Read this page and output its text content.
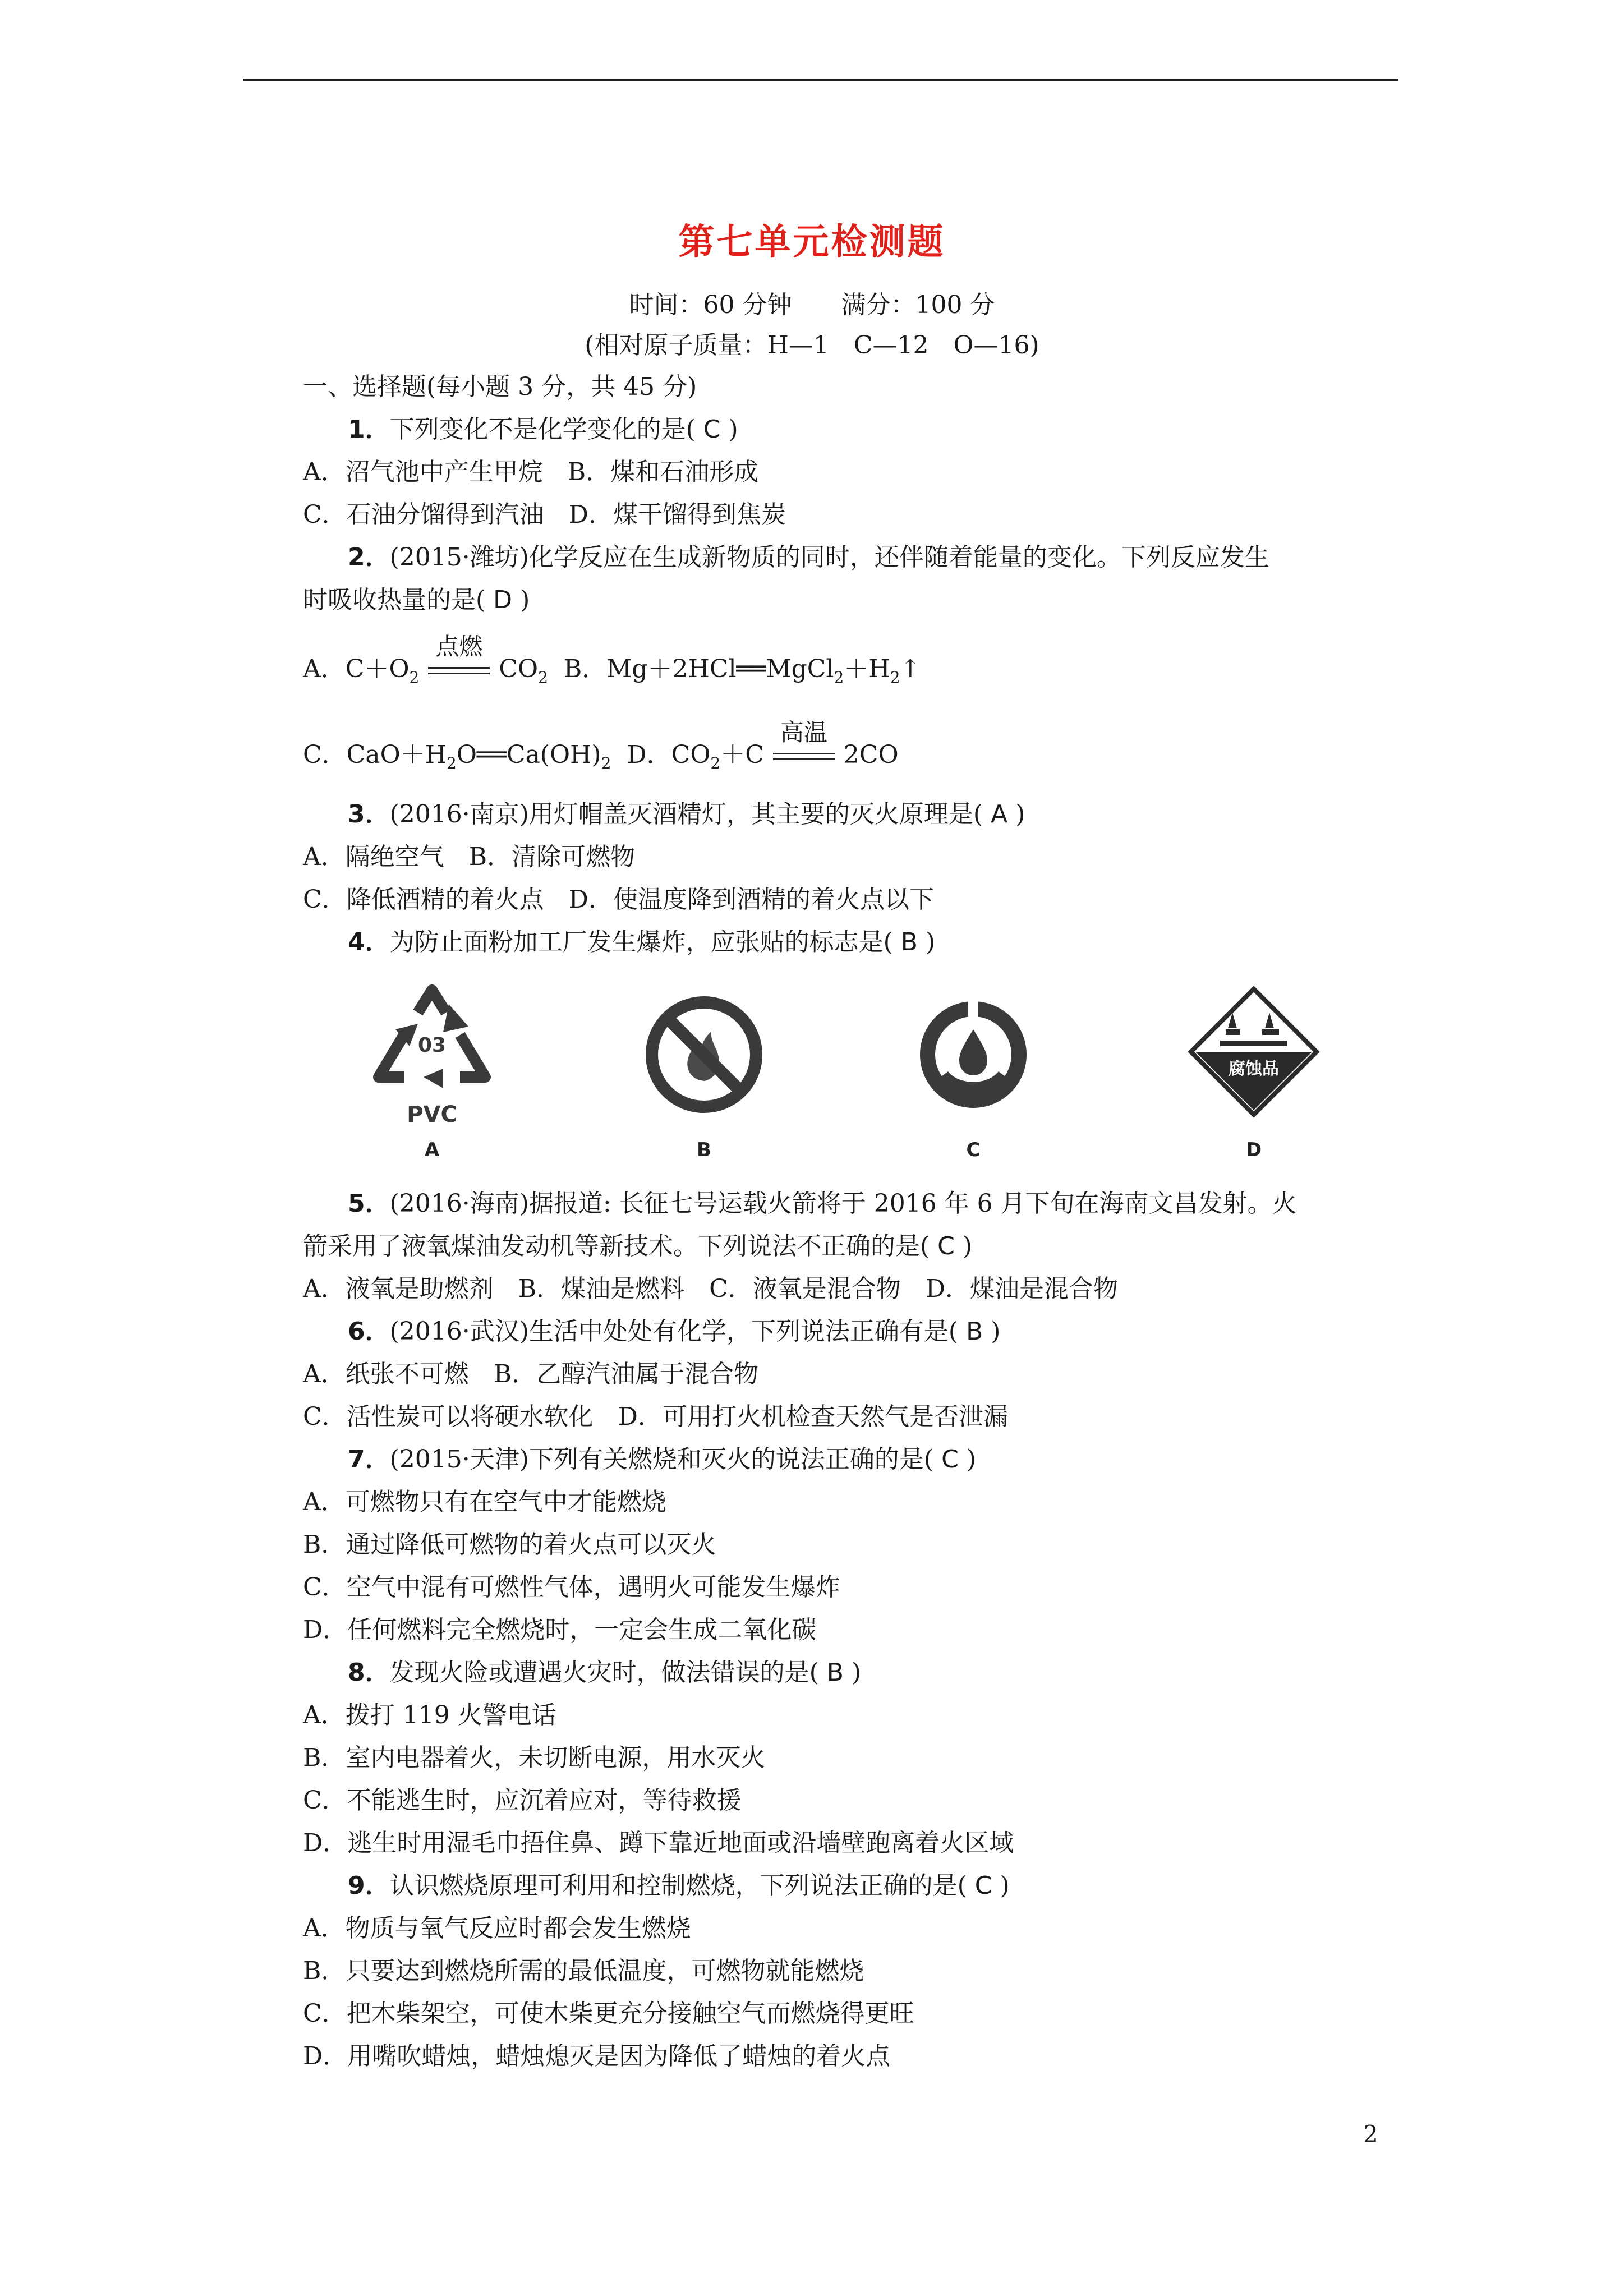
第七单元检测题
时间：60 分钟　　满分：100 分
(相对原子质量：H—1　C—12　O—16)
一、选择题(每小题 3 分，共 45 分)
1．下列变化不是化学变化的是( C )
A．沼气池中产生甲烷　B．煤和石油形成
C．石油分馏得到汽油　D．煤干馏得到焦炭
2．(2015·潍坊)化学反应在生成新物质的同时，还伴随着能量的变化。下列反应发生
时吸收热量的是( D )
A．$C+O_2$
点燃
$CO_2$ B．$Mg+2HCl══MgCl_2+H_2↑$
C．$CaO+H_2O══Ca(OH)_2$ D．$CO_2+C$
高温
2CO
3．(2016·南京)用灯帽盖灭酒精灯，其主要的灭火原理是( A )
A．隔绝空气　B．清除可燃物
C．降低酒精的着火点　D．使温度降到酒精的着火点以下
4．为防止面粉加工厂发生爆炸，应张贴的标志是( B )
03
PVC
A	B	C
腐蚀品
D
5．(2016·海南)据报道: 长征七号运载火箭将于 2016 年 6 月下旬在海南文昌发射。火
箭采用了液氧煤油发动机等新技术。下列说法不正确的是( C )
A．液氧是助燃剂　B．煤油是燃料　C．液氧是混合物　D．煤油是混合物
6．(2016·武汉)生活中处处有化学，下列说法正确有是( B )
A．纸张不可燃　B．乙醇汽油属于混合物
C．活性炭可以将硬水软化　D．可用打火机检查天然气是否泄漏
7．(2015·天津)下列有关燃烧和灭火的说法正确的是( C )
A．可燃物只有在空气中才能燃烧
B．通过降低可燃物的着火点可以灭火
C．空气中混有可燃性气体，遇明火可能发生爆炸
D．任何燃料完全燃烧时，一定会生成二氧化碳
8．发现火险或遭遇火灾时，做法错误的是( B )
A．拨打 119 火警电话
B．室内电器着火，未切断电源，用水灭火
C．不能逃生时，应沉着应对，等待救援
D．逃生时用湿毛巾捂住鼻、蹲下靠近地面或沿墙壁跑离着火区域
9．认识燃烧原理可利用和控制燃烧，下列说法正确的是( C )
A．物质与氧气反应时都会发生燃烧
B．只要达到燃烧所需的最低温度，可燃物就能燃烧
C．把木柴架空，可使木柴更充分接触空气而燃烧得更旺
D．用嘴吹蜡烛，蜡烛熄灭是因为降低了蜡烛的着火点
2
